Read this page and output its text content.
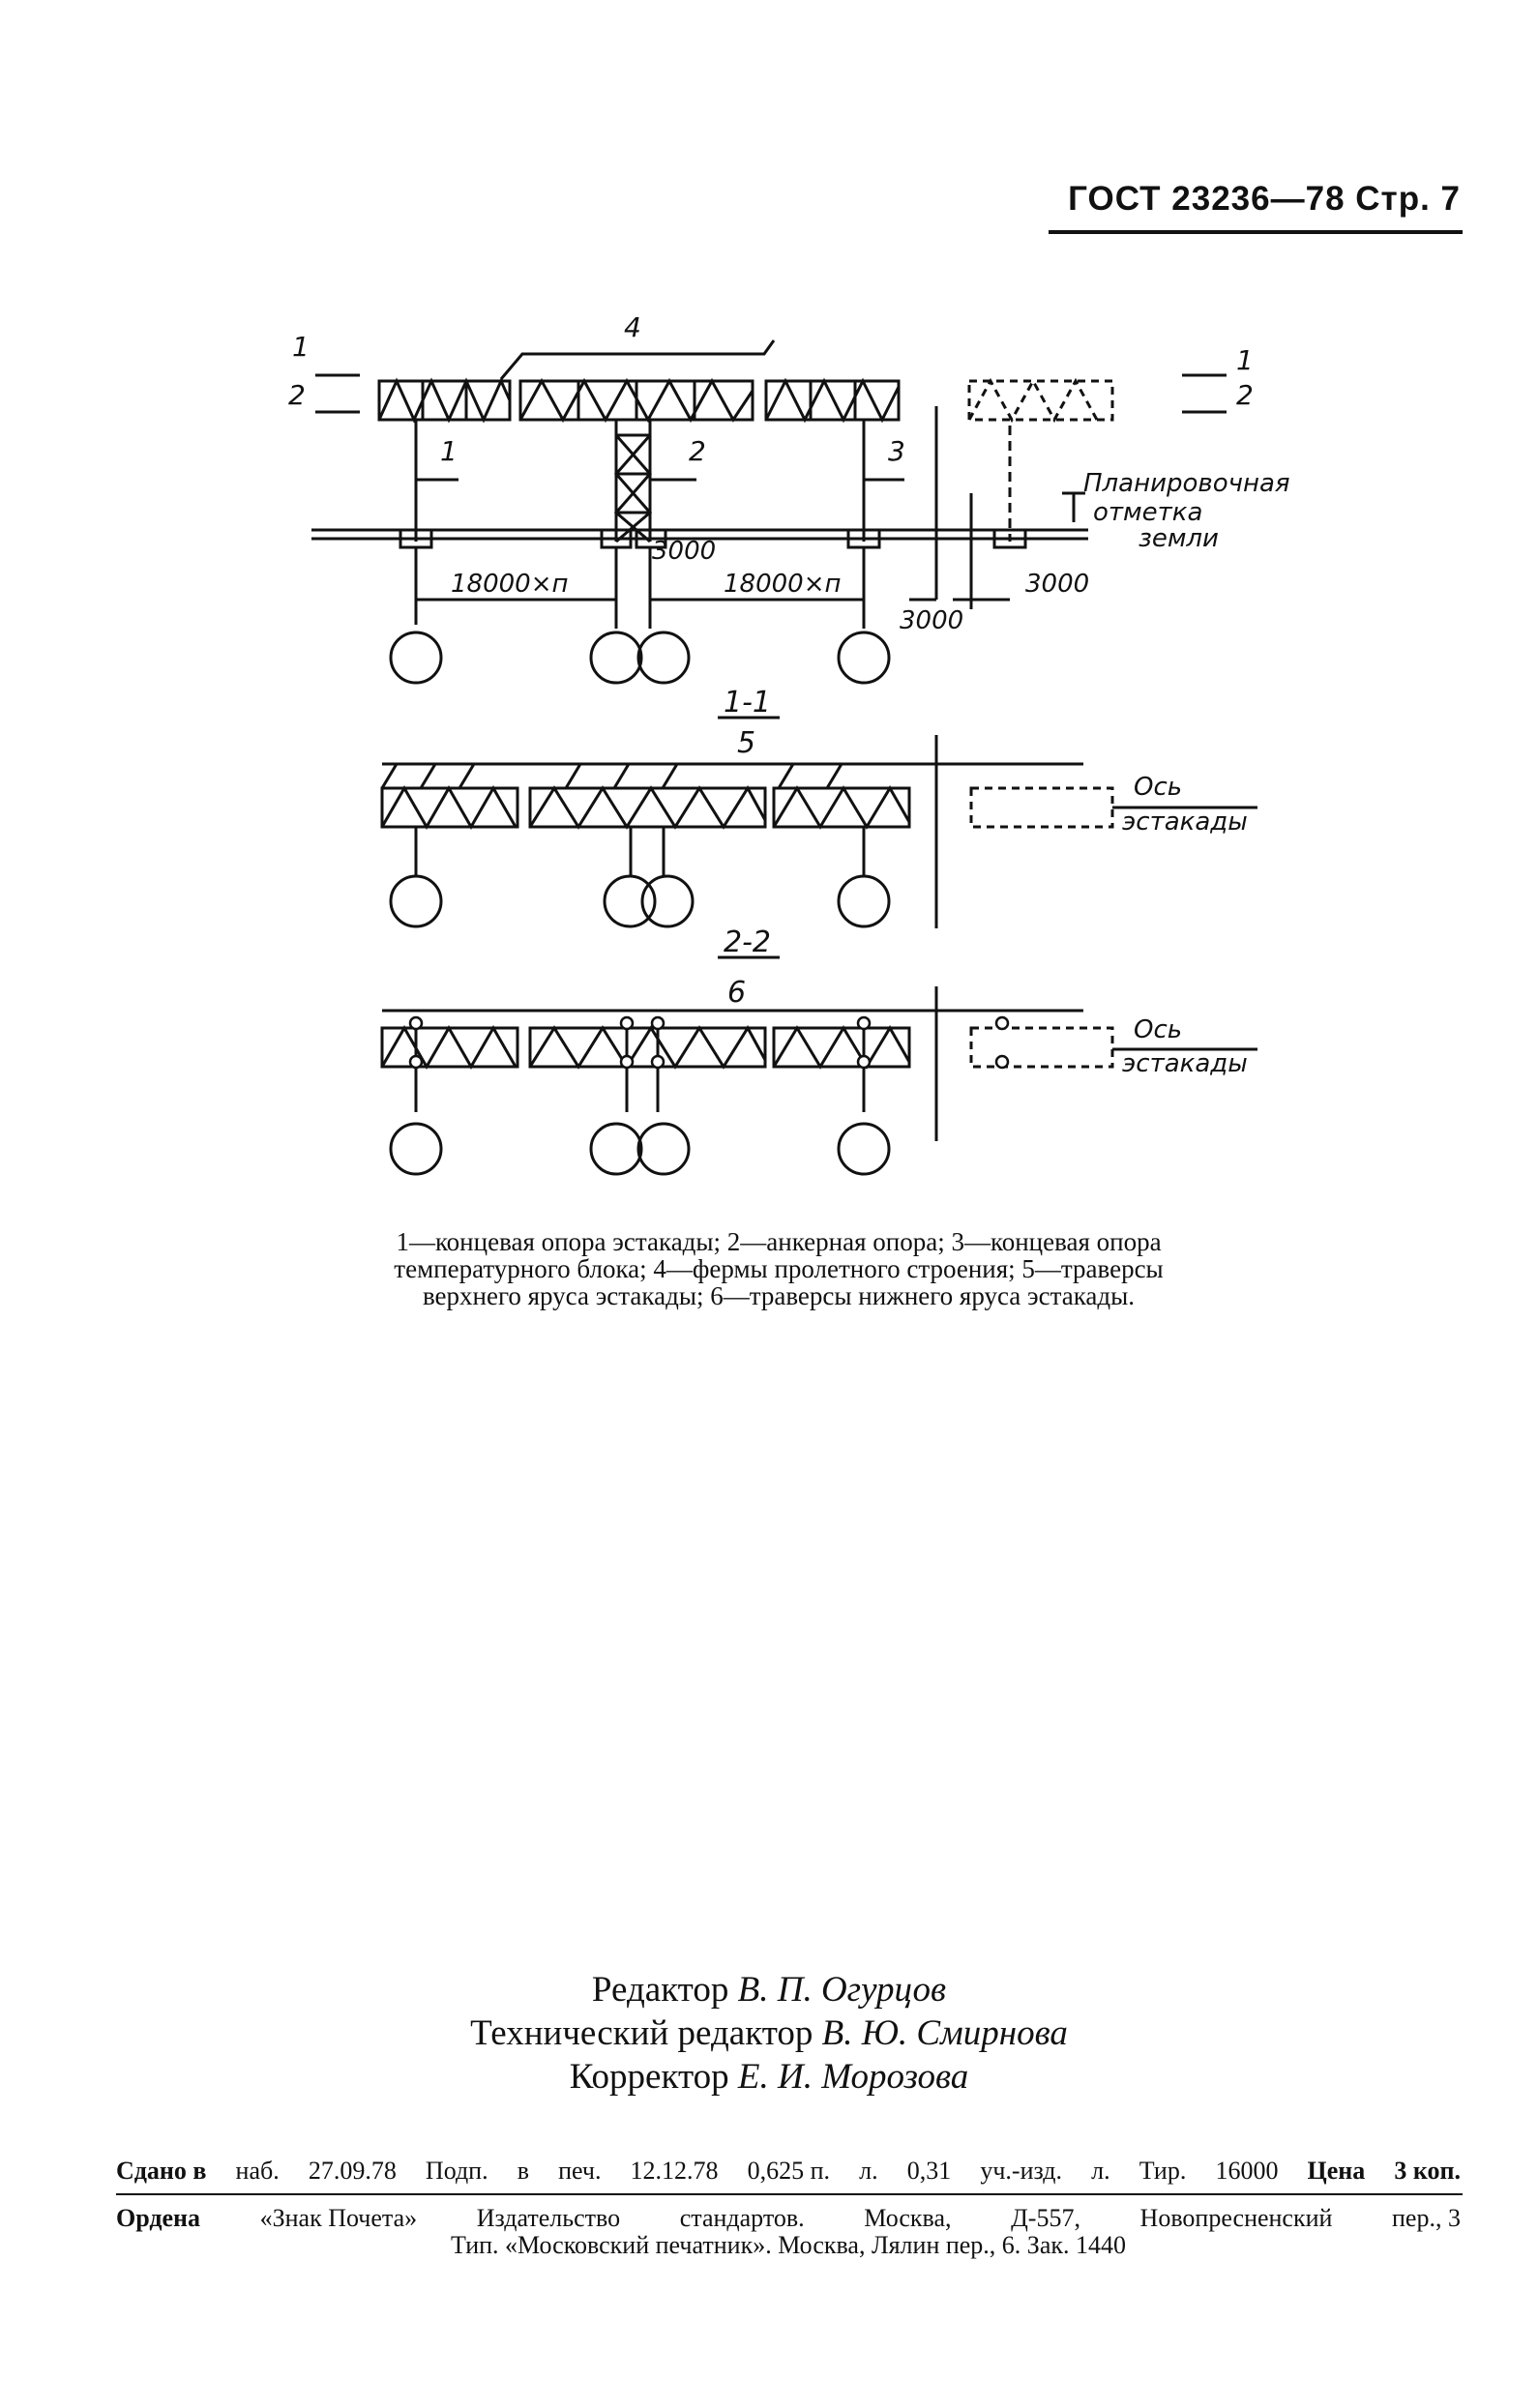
ГОСТ 23236—78 Стр. 7
1
2
1
2
4
1	2	3
Планировочная
отметка
земли
18000×п	18000×п
3000
3000
3000
1-1
5
2-2
6
Ось
эстакады
Ось
эстакады
1—концевая опора эстакады; 2—анкерная опора; 3—концевая опора
температурного блока; 4—фермы пролетного строения; 5—траверсы
верхнего яруса эстакады; 6—траверсы нижнего яруса эстакады.
Редактор В. П. Огурцов
Технический редактор В. Ю. Смирнова
Корректор Е. И. Морозова
Сдано в наб. 27.09.78 Подп. в печ. 12.12.78 0,625 п. л. 0,31 уч.-изд. л. Тир. 16000 Цена 3 коп.
Ордена «Знак Почета» Издательство стандартов. Москва, Д-557, Новопресненский пер., 3
Тип. «Московский печатник». Москва, Лялин пер., 6. Зак. 1440
